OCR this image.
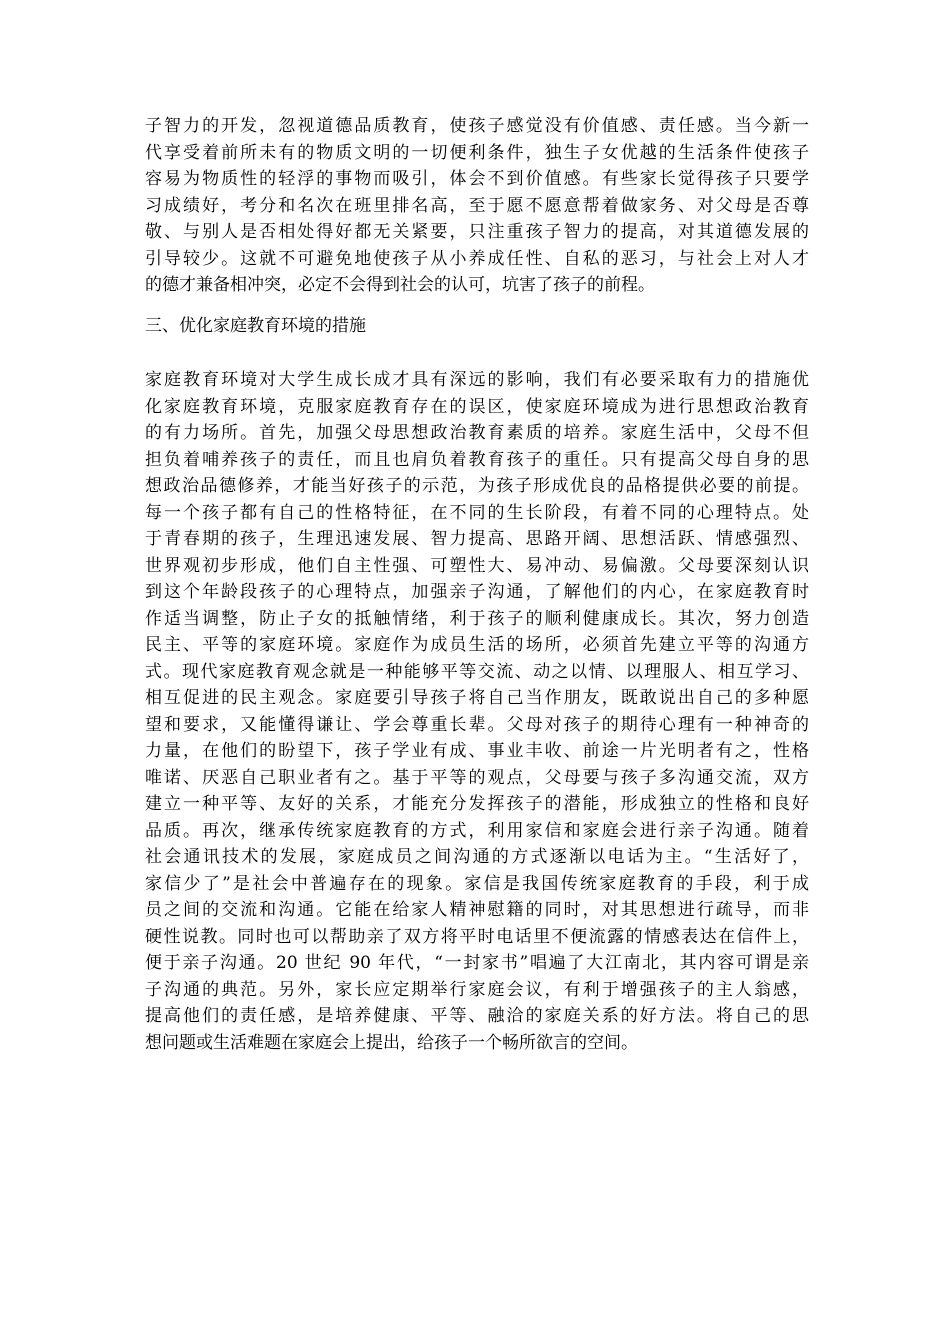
子智力的开发，忽视道德品质教育，使孩子感觉没有价值感、责任感。当今新一
代享受着前所未有的物质文明的一切便利条件，独生子女优越的生活条件使孩子
容易为物质性的轻浮的事物而吸引，体会不到价值感。有些家长觉得孩子只要学
习成绩好，考分和名次在班里排名高，至于愿不愿意帮着做家务、对父母是否尊
敬、与别人是否相处得好都无关紧要，只注重孩子智力的提高，对其道德发展的
引导较少。这就不可避免地使孩子从小养成任性、自私的恶习，与社会上对人才
的德才兼备相冲突，必定不会得到社会的认可，坑害了孩子的前程。
三、优化家庭教育环境的措施
家庭教育环境对大学生成长成才具有深远的影响，我们有必要采取有力的措施优
化家庭教育环境，克服家庭教育存在的误区，使家庭环境成为进行思想政治教育
的有力场所。首先，加强父母思想政治教育素质的培养。家庭生活中，父母不但
担负着哺养孩子的责任，而且也肩负着教育孩子的重任。只有提高父母自身的思
想政治品德修养，才能当好孩子的示范，为孩子形成优良的品格提供必要的前提。
每一个孩子都有自己的性格特征，在不同的生长阶段，有着不同的心理特点。处
于青春期的孩子，生理迅速发展、智力提高、思路开阔、思想活跃、情感强烈、
世界观初步形成，他们自主性强、可塑性大、易冲动、易偏激。父母要深刻认识
到这个年龄段孩子的心理特点，加强亲子沟通，了解他们的内心，在家庭教育时
作适当调整，防止子女的抵触情绪，利于孩子的顺利健康成长。其次，努力创造
民主、平等的家庭环境。家庭作为成员生活的场所，必须首先建立平等的沟通方
式。现代家庭教育观念就是一种能够平等交流、动之以情、以理服人、相互学习、
相互促进的民主观念。家庭要引导孩子将自己当作朋友，既敢说出自己的多种愿
望和要求，又能懂得谦让、学会尊重长辈。父母对孩子的期待心理有一种神奇的
力量，在他们的盼望下，孩子学业有成、事业丰收、前途一片光明者有之，性格
唯诺、厌恶自己职业者有之。基于平等的观点，父母要与孩子多沟通交流，双方
建立一种平等、友好的关系，才能充分发挥孩子的潜能，形成独立的性格和良好
品质。再次，继承传统家庭教育的方式，利用家信和家庭会进行亲子沟通。随着
社会通讯技术的发展，家庭成员之间沟通的方式逐渐以电话为主。“生活好了，
家信少了”是社会中普遍存在的现象。家信是我国传统家庭教育的手段，利于成
员之间的交流和沟通。它能在给家人精神慰籍的同时，对其思想进行疏导，而非
硬性说教。同时也可以帮助亲了双方将平时电话里不便流露的情感表达在信件上，
便于亲子沟通。20 世纪 90 年代，“一封家书”唱遍了大江南北，其内容可谓是亲
子沟通的典范。另外，家长应定期举行家庭会议，有利于增强孩子的主人翁感，
提高他们的责任感，是培养健康、平等、融洽的家庭关系的好方法。将自己的思
想问题或生活难题在家庭会上提出，给孩子一个畅所欲言的空间。
